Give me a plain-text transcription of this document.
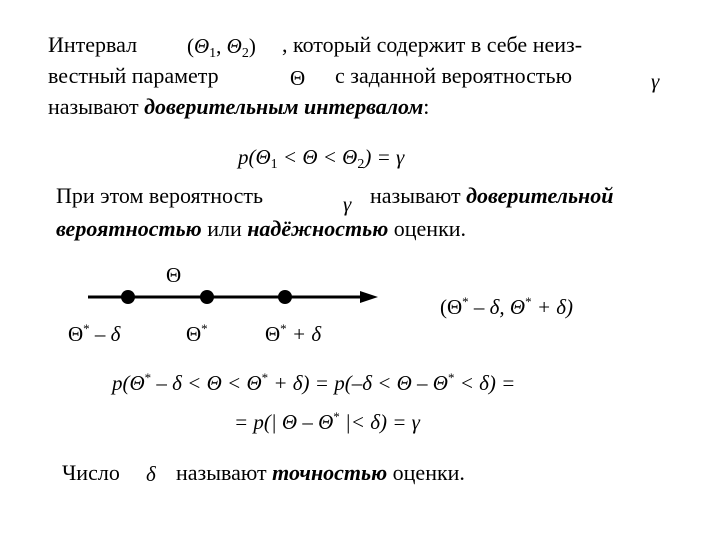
Интервал ($\Theta_1$, $\Theta_2$) , который содержит в себе неиз-
вестный параметр	Θ с заданной вероятностью	γ
называют доверительным интервалом:
$p(\Theta_1 < \Theta < \Theta_2) = \gamma$
При этом вероятность	γ называют доверительной
вероятностью или надёжностью оценки.
Θ
Θ* – δ	Θ*	Θ* + δ
(Θ* – δ, Θ* + δ)
p(Θ* – δ < Θ < Θ* + δ) = p(–δ < Θ – Θ* < δ) =
= p(| Θ – Θ* |< δ) = γ
Число δ называют точностью оценки.
